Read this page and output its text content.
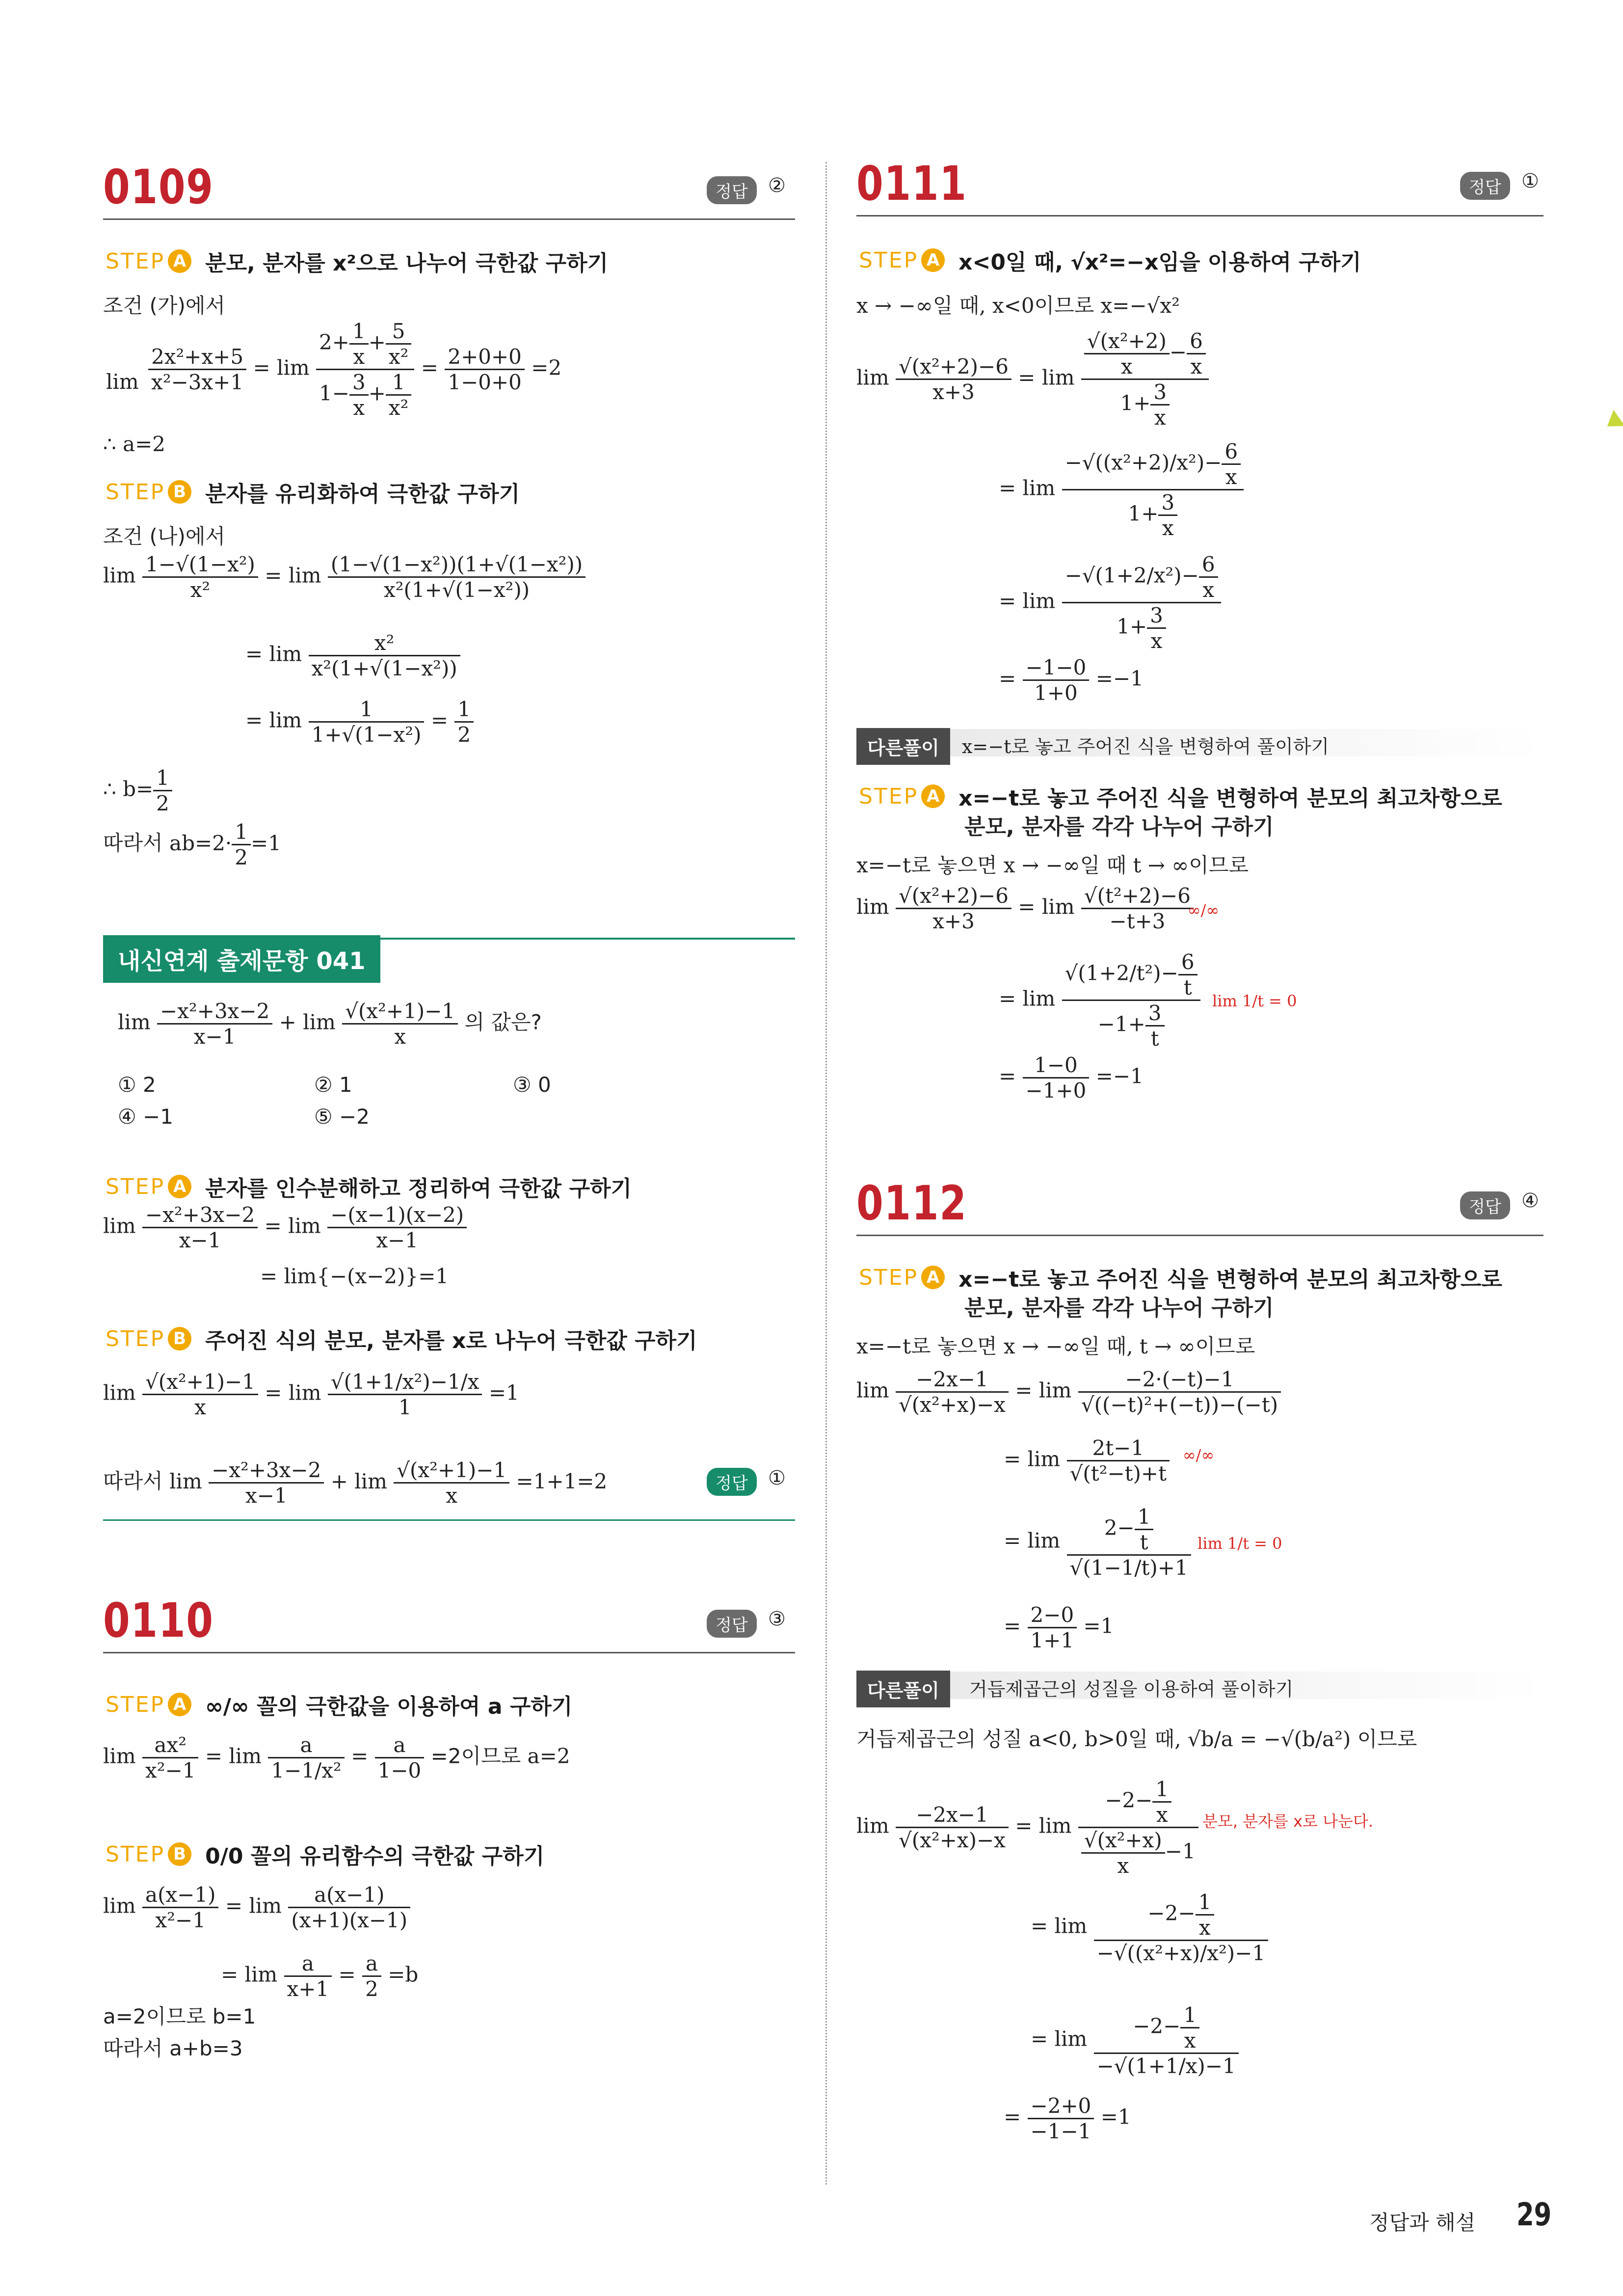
0109	정답	②
STEP A 분모, 분자를 x²으로 나누어 극한값 구하기
조건 (가)에서

lim
$\frac{\text{2x²+x+5}}{\text{x²−3x+1}} = \lim \frac{2+ \frac{1}{x} + \frac{5}{\text{x²}}}{1- \frac{3}{x} + \frac{1}{\text{x²}}} = \frac{2+0+0}{1-0+0} =2$
∴ a=2
STEP B 분자를 유리화하여 극한값 구하기
조건 (나)에서
$\lim \frac{\text{1−√(1−x²)}}{\text{x²}} = \lim \frac{\text{(1−√(1−x²))(1+√(1−x²))}}{\text{x²(1+√(1−x²))}}$
= $\lim \frac{\text{x²}}{\text{x²(1+√(1−x²))}}$
= $\lim \frac{1}{\text{1+√(1−x²)}} = \frac{1}{2}$
∴ $b= \frac{1}{2}$
따라서 $ab=2\cdot \frac{1}{2} =1$
내신연계 출제문항 041
$\lim \frac{\text{−x²+3x−2}}{x-1} + \lim \frac{\text{√(x²+1)−1}}{x}$ 의 값은?
① 2	② 1	③ 0
④ −1	⑤ −2
STEP A 분자를 인수분해하고 정리하여 극한값 구하기
$\lim \frac{\text{−x²+3x−2}}{x-1} = \lim \frac{-(x-1)(x-2)}{x-1}$
= lim{−(x−2)}=1
STEP B 주어진 식의 분모, 분자를 x로 나누어 극한값 구하기
$\lim \frac{\text{√(x²+1)−1}}{x} = \lim \frac{\text{√(1+1/x²)−1/x}}{1} =1$
따라서 $\lim \frac{\text{−x²+3x−2}}{x-1} + \lim \frac{\text{√(x²+1)−1}}{x} =1+1=2$	정답	①
0110	정답	③
STEP A ∞/∞ 꼴의 극한값을 이용하여 a 구하기
$\lim \frac{\text{ax²}}{\text{x²−1}} = \lim \frac{a}{\text{1−1/x²}} = \frac{a}{1-0} =2$이므로 a=2
STEP B 0/0 꼴의 유리함수의 극한값 구하기
$\lim \frac{a(x-1)}{\text{x²−1}} = \lim \frac{a(x-1)}{(x+1)(x-1)}$
= $\lim \frac{a}{x+1} = \frac{a}{2} =b$
a=2이므로 b=1
따라서 a+b=3
0111	정답	①
STEP A x<0일 때, √x²=−x임을 이용하여 구하기
x → −∞일 때, x<0이므로 x=−√x²
$\lim \frac{\text{√(x²+2)−6}}{x+3} = \lim \frac{\frac{\text{√(x²+2)}}{x} - \frac{6}{x}}{1+ \frac{3}{x}}$
= $\lim \frac{-√((x^2+2)/x^2)- \frac{6}{x}}{1+ \frac{3}{x}}$
= $\lim \frac{-√(1+2/x^2)- \frac{6}{x}}{1+ \frac{3}{x}}$
= $\frac{-1-0}{1+0} =-1$
다른풀이	x=−t로 놓고 주어진 식을 변형하여 풀이하기
STEP A x=−t로 놓고 주어진 식을 변형하여 분모의 최고차항으로
분모, 분자를 각각 나누어 구하기
x=−t로 놓으면 x → −∞일 때 t → ∞이므로
$\lim \frac{\text{√(x²+2)−6}}{x+3} = \lim \frac{\text{√(t²+2)−6}}{-t+3}$
∞/∞
= $\lim \frac{√(1+2/t^2)- \frac{6}{t}}{-1+ \frac{3}{t}}$ lim 1/t = 0
= $\frac{1-0}{-1+0} =-1$
0112	정답	④
STEP A x=−t로 놓고 주어진 식을 변형하여 분모의 최고차항으로
분모, 분자를 각각 나누어 구하기
x=−t로 놓으면 x → −∞일 때, t → ∞이므로
$\lim \frac{-2x-1}{\text{√(x²+x)−x}} = \lim \frac{-2\cdot(-t)-1}{\text{√((−t)²+(−t))−(−t)}}$
= $\lim \frac{2t-1}{\text{√(t²−t)+t}}$ ∞/∞
= $\lim \frac{2- \frac{1}{t}}{√(1-1/t)+1}$ lim 1/t = 0
= $\frac{2-0}{1+1} =1$
다른풀이	거듭제곱근의 성질을 이용하여 풀이하기
거듭제곱근의 성질 a<0, b>0일 때, √b/a = −√(b/a²) 이므로
$\lim \frac{-2x-1}{\text{√(x²+x)−x}} = \lim \frac{-2- \frac{1}{x}}{\frac{\text{√(x²+x)}}{x} -1}$ 분모, 분자를 x로 나눈다.
= $\lim \frac{-2- \frac{1}{x}}{\text{−√((x²+x)/x²)−1}}$
= $\lim \frac{-2- \frac{1}{x}}{-√(1+1/x)-1}$
= $\frac{-2+0}{-1-1} =1$
정답과 해설 29
